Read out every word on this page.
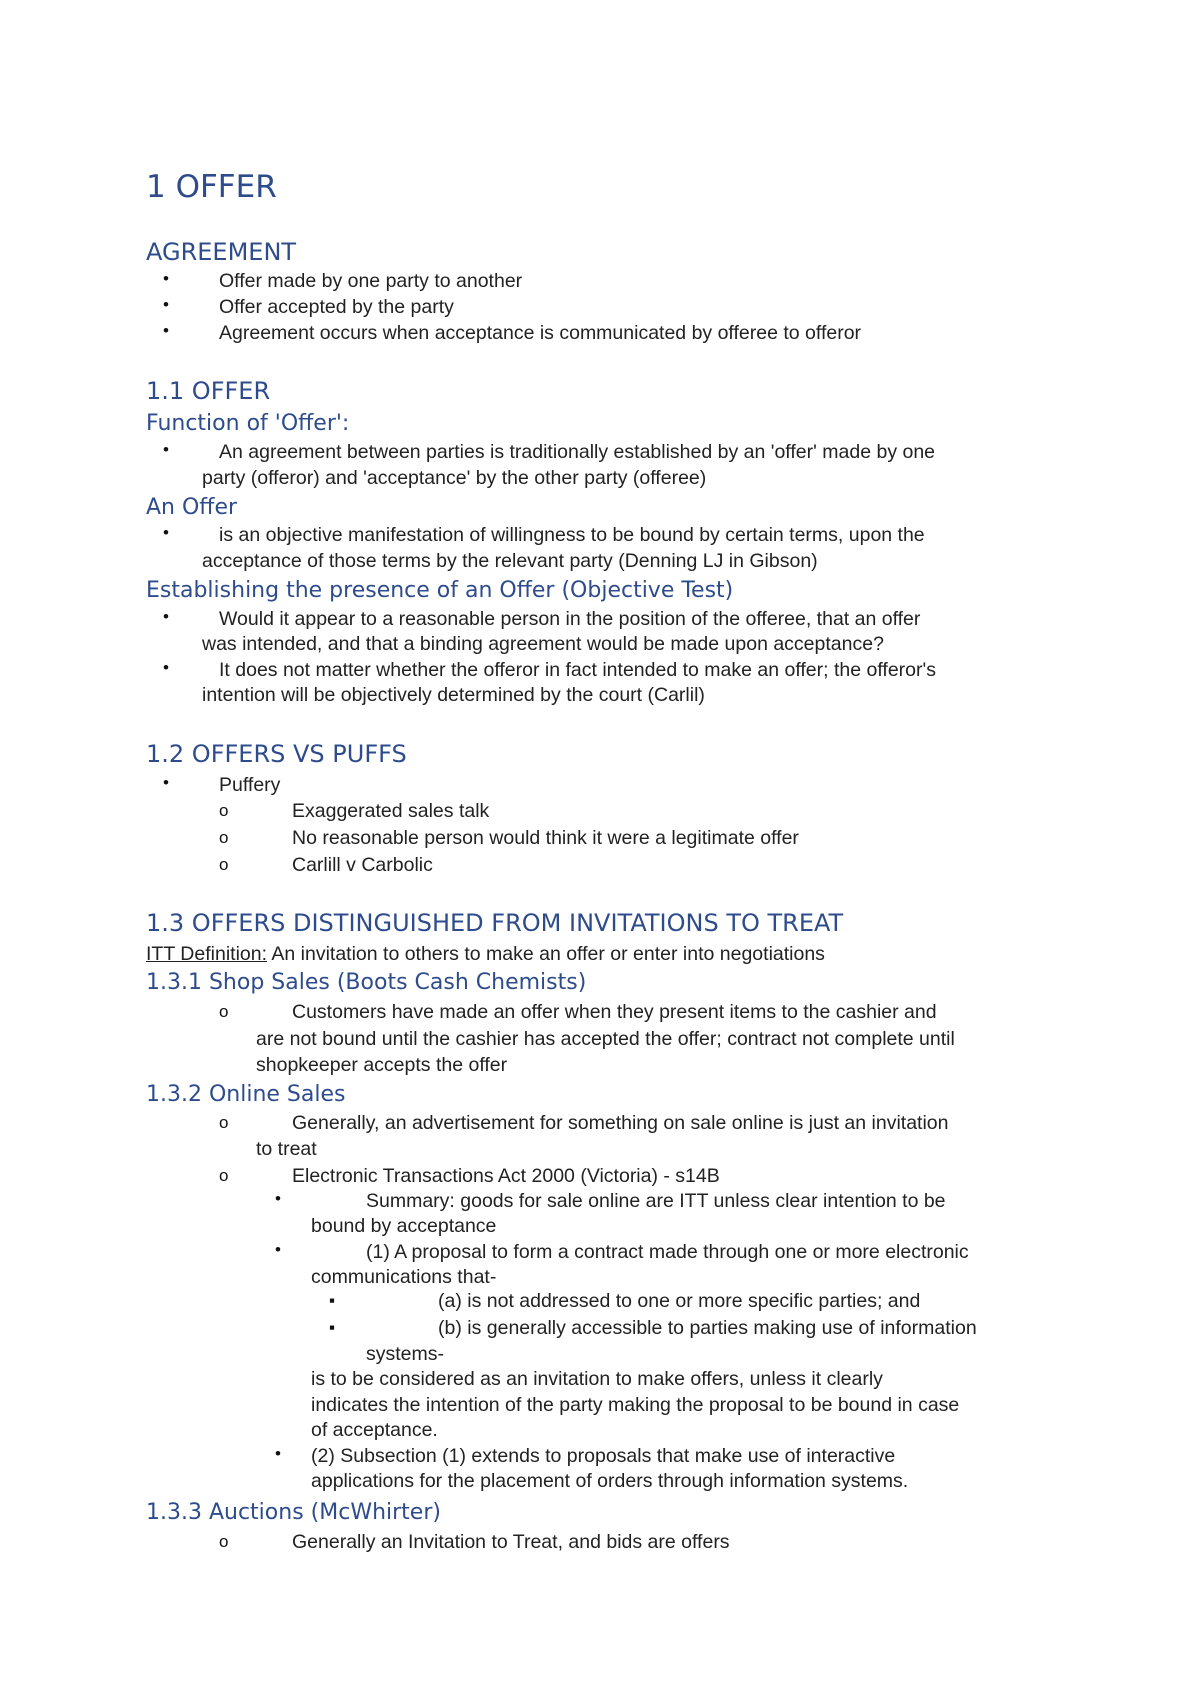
1 OFFER
AGREEMENT
•	Offer made by one party to another
•	Offer accepted by the party
•	Agreement occurs when acceptance is communicated by offeree to offeror
1.1 OFFER
Function of 'Offer':
•	An agreement between parties is traditionally established by an 'offer' made by one
party (offeror) and 'acceptance' by the other party (offeree)
An Offer
•	is an objective manifestation of willingness to be bound by certain terms, upon the
acceptance of those terms by the relevant party (Denning LJ in Gibson)
Establishing the presence of an Offer (Objective Test)
•	Would it appear to a reasonable person in the position of the offeree, that an offer
was intended, and that a binding agreement would be made upon acceptance?
•	It does not matter whether the offeror in fact intended to make an offer; the offeror's
intention will be objectively determined by the court (Carlil)
1.2 OFFERS VS PUFFS
•	Puffery
o	Exaggerated sales talk
o	No reasonable person would think it were a legitimate offer
o	Carlill v Carbolic
1.3 OFFERS DISTINGUISHED FROM INVITATIONS TO TREAT
ITT Definition: An invitation to others to make an offer or enter into negotiations
1.3.1 Shop Sales (Boots Cash Chemists)
o	Customers have made an offer when they present items to the cashier and
are not bound until the cashier has accepted the offer; contract not complete until
shopkeeper accepts the offer
1.3.2 Online Sales
o	Generally, an advertisement for something on sale online is just an invitation
to treat
o	Electronic Transactions Act 2000 (Victoria) - s14B
•	Summary: goods for sale online are ITT unless clear intention to be
bound by acceptance
•	(1) A proposal to form a contract made through one or more electronic
communications that-
▪	(a) is not addressed to one or more specific parties; and
▪	(b) is generally accessible to parties making use of information
systems-
is to be considered as an invitation to make offers, unless it clearly
indicates the intention of the party making the proposal to be bound in case
of acceptance.
• (2) Subsection (1) extends to proposals that make use of interactive
applications for the placement of orders through information systems.
1.3.3 Auctions (McWhirter)
o	Generally an Invitation to Treat, and bids are offers
